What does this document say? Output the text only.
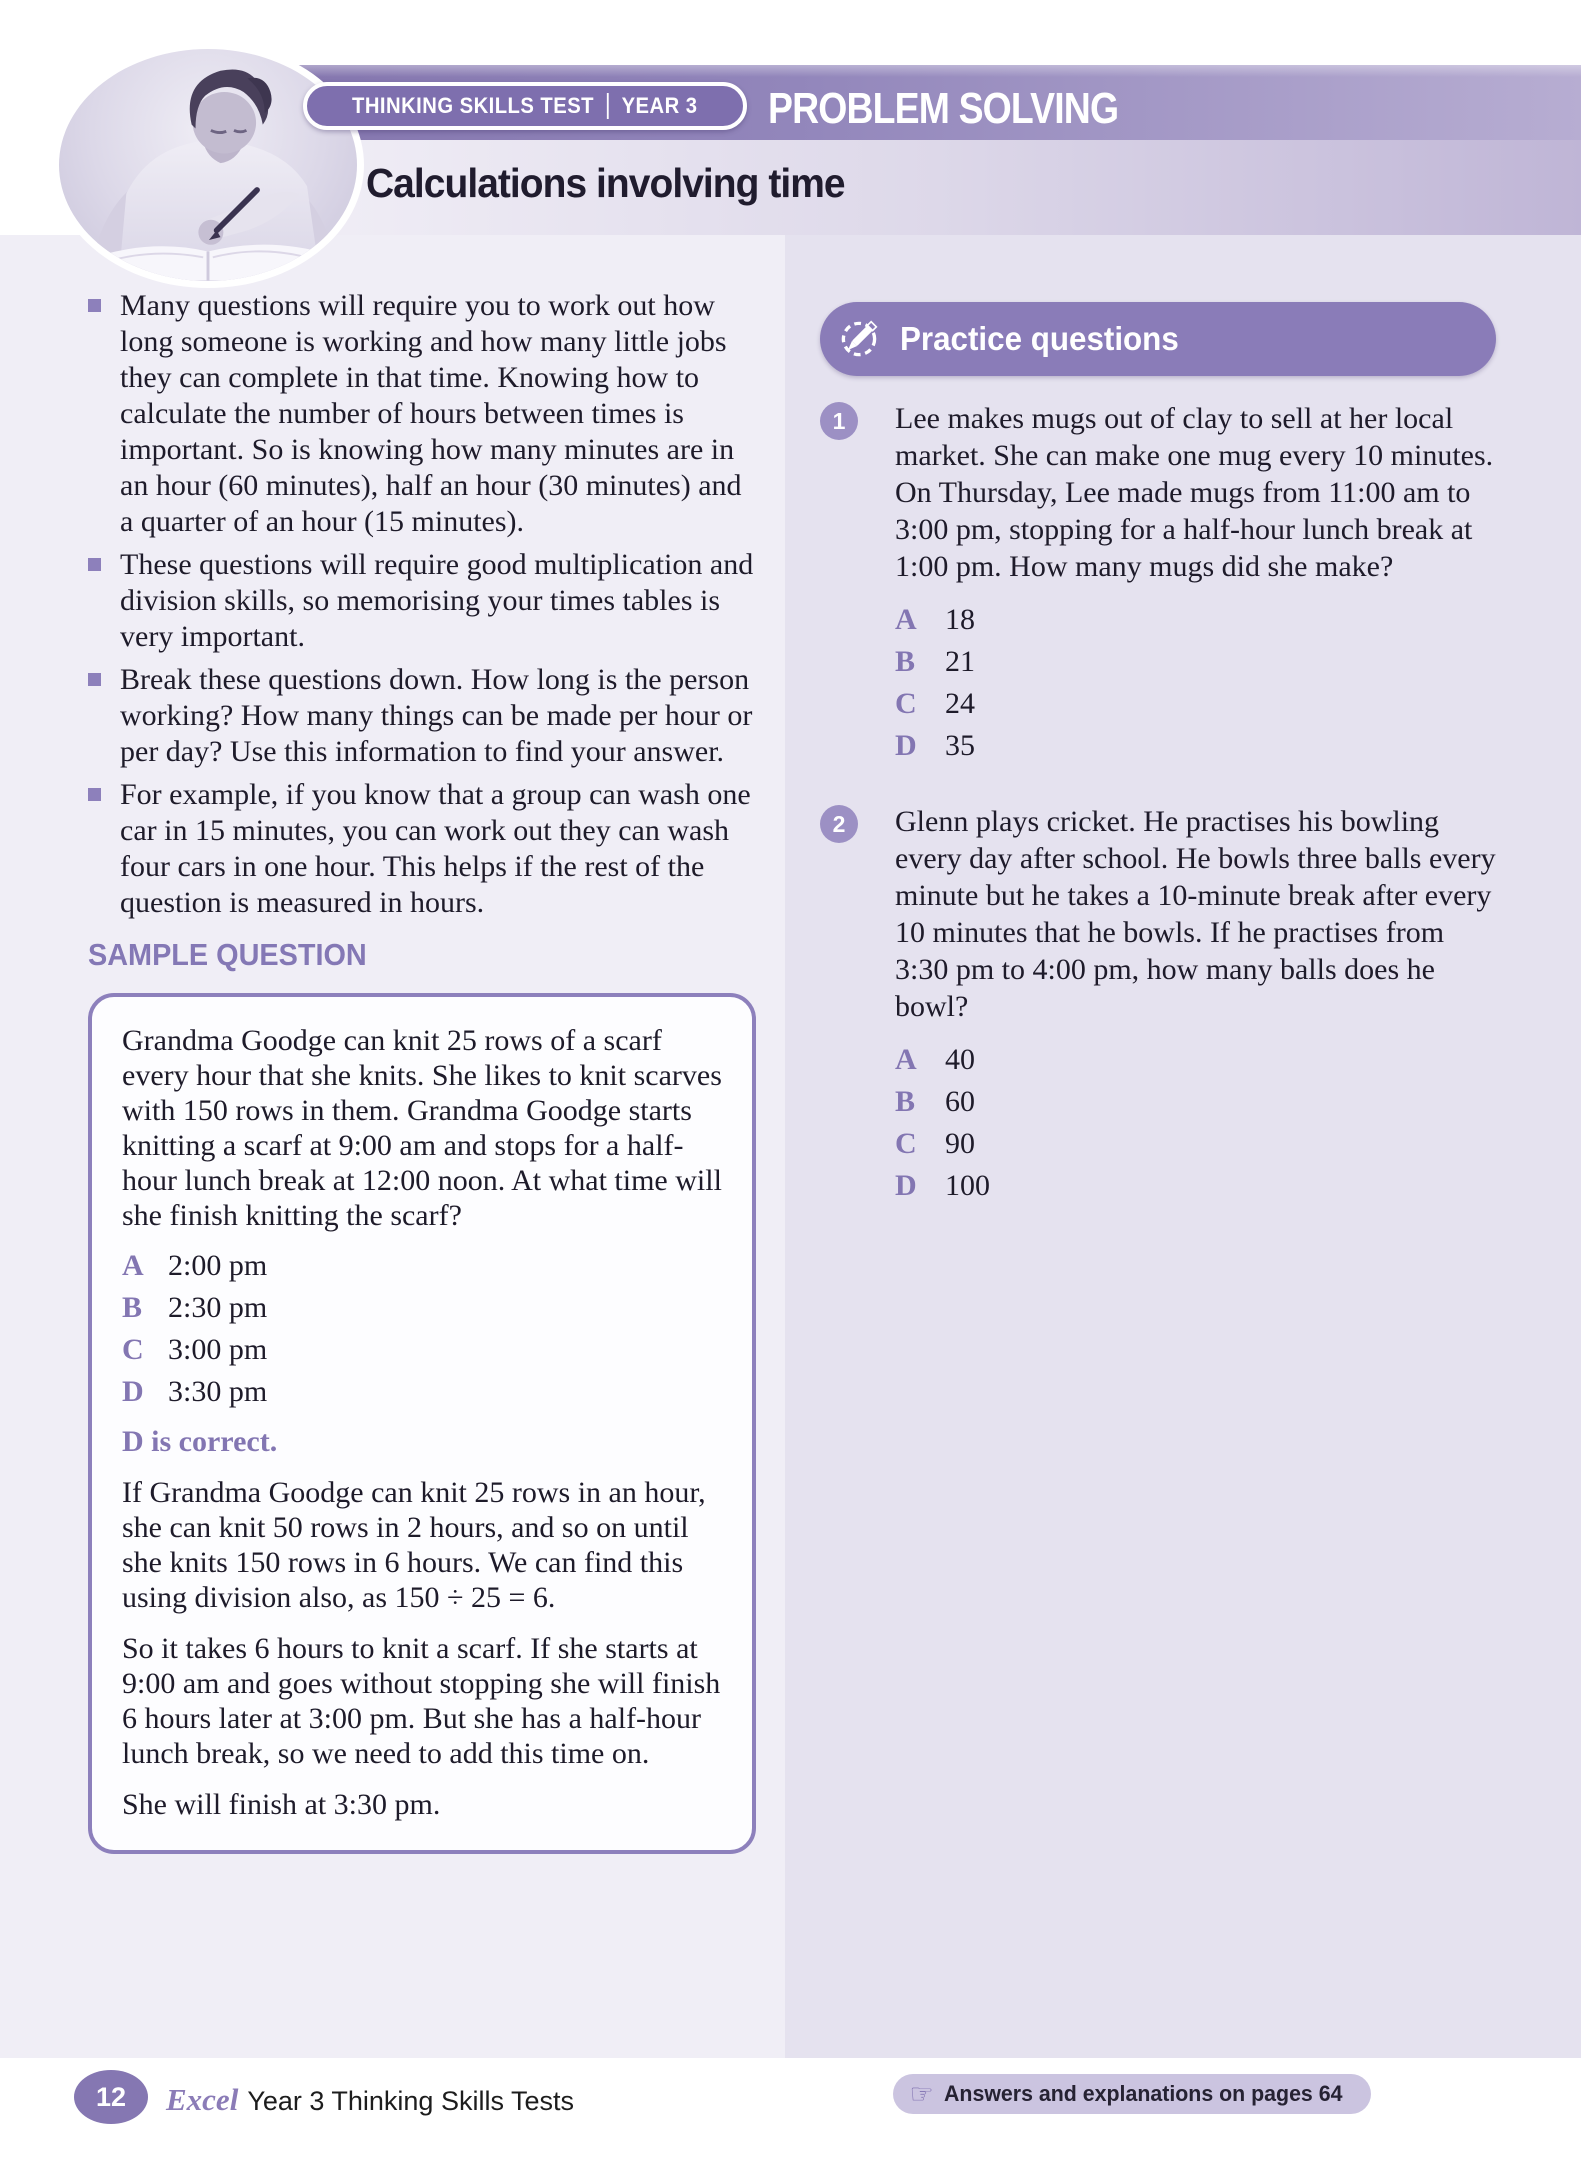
THINKING SKILLS TEST YEAR 3 PROBLEM SOLVING
Calculations involving time

Many questions will require you to work out how long someone is working and how many little jobs they can complete in that time. Knowing how to calculate the number of hours between times is important. So is knowing how many minutes are in an hour (60 minutes), half an hour (30 minutes) and a quarter of an hour (15 minutes).

These questions will require good multiplication and division skills, so memorising your times tables is very important.

Break these questions down. How long is the person working? How many things can be made per hour or per day? Use this information to find your answer.

For example, if you know that a group can wash one car in 15 minutes, you can work out they can wash four cars in one hour. This helps if the rest of the question is measured in hours.

SAMPLE QUESTION

Grandma Goodge can knit 25 rows of a scarf every hour that she knits. She likes to knit scarves with 150 rows in them. Grandma Goodge starts knitting a scarf at 9:00 am and stops for a half-hour lunch break at 12:00 noon. At what time will she finish knitting the scarf?

A 2:00 pm
B 2:30 pm
C 3:00 pm
D 3:30 pm
D is correct.

If Grandma Goodge can knit 25 rows in an hour, she can knit 50 rows in 2 hours, and so on until she knits 150 rows in 6 hours. We can find this using division also, as 150 ÷ 25 = 6.

So it takes 6 hours to knit a scarf. If she starts at 9:00 am and goes without stopping she will finish 6 hours later at 3:00 pm. But she has a half-hour lunch break, so we need to add this time on.

She will finish at 3:30 pm.

Practice questions
1	Lee makes mugs out of clay to sell at her local market. She can make one mug every 10 minutes. On Thursday, Lee made mugs from 11:00 am to 3:00 pm, stopping for a half-hour lunch break at 1:00 pm. How many mugs did she make?

A 18
B 21
C 24
D 35
2	Glenn plays cricket. He practises his bowling every day after school. He bowls three balls every minute but he takes a 10-minute break after every 10 minutes that he bowls. If he practises from 3:30 pm to 4:00 pm, how many balls does he bowl?

A 40
B 60
C 90
D 100
12 Excel Year 3 Thinking Skills Tests	☞ Answers and explanations on pages 64
